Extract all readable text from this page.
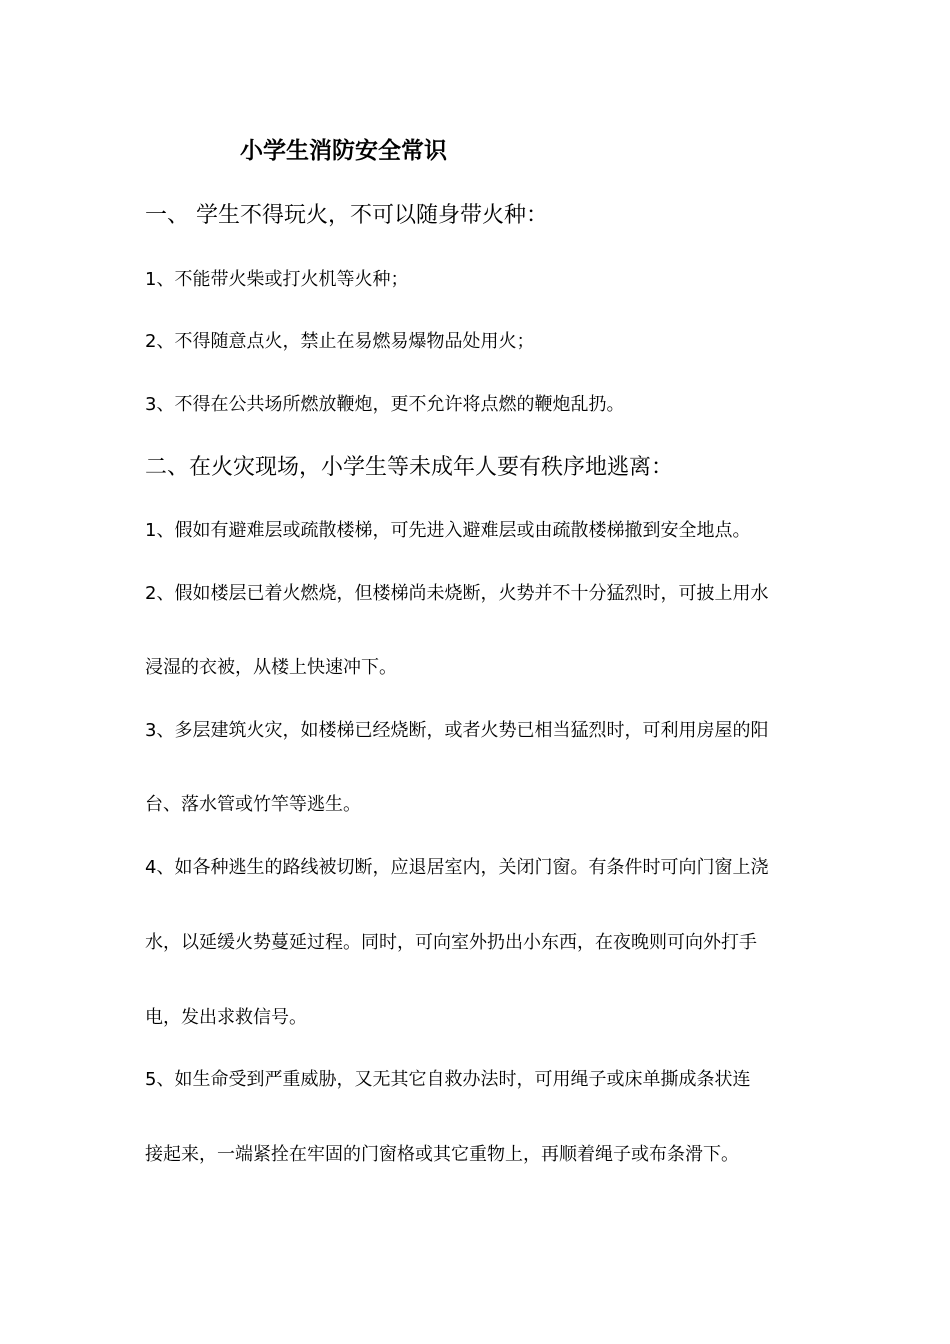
小学生消防安全常识
一、 学生不得玩火，不可以随身带火种：
1、不能带火柴或打火机等火种；
2、不得随意点火，禁止在易燃易爆物品处用火；
3、不得在公共场所燃放鞭炮，更不允许将点燃的鞭炮乱扔。
二、在火灾现场，小学生等未成年人要有秩序地逃离：
1、假如有避难层或疏散楼梯，可先进入避难层或由疏散楼梯撤到安全地点。
2、假如楼层已着火燃烧，但楼梯尚未烧断，火势并不十分猛烈时，可披上用水
浸湿的衣被，从楼上快速冲下。
3、多层建筑火灾，如楼梯已经烧断，或者火势已相当猛烈时，可利用房屋的阳
台、落水管或竹竿等逃生。
4、如各种逃生的路线被切断，应退居室内，关闭门窗。有条件时可向门窗上浇
水，以延缓火势蔓延过程。同时，可向室外扔出小东西，在夜晚则可向外打手
电，发出求救信号。
5、如生命受到严重威胁，又无其它自救办法时，可用绳子或床单撕成条状连
接起来，一端紧拴在牢固的门窗格或其它重物上，再顺着绳子或布条滑下。
